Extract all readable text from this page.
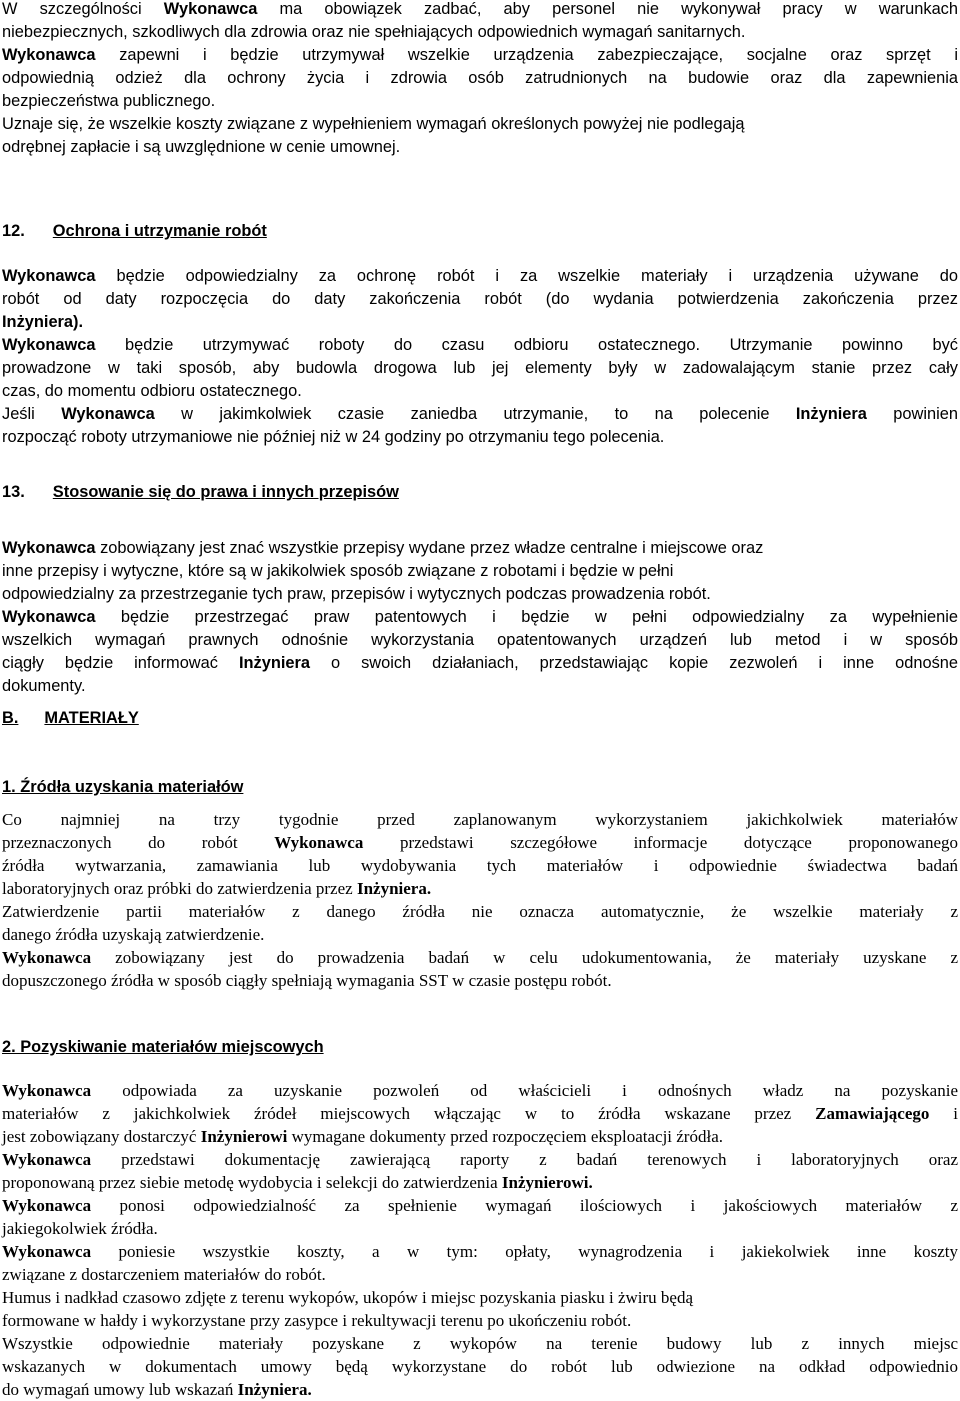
W szczególności Wykonawca ma obowiązek zadbać, aby personel nie wykonywał pracy w warunkach
niebezpiecznych, szkodliwych dla zdrowia oraz nie spełniających odpowiednich wymagań sanitarnych.
Wykonawca zapewni i będzie utrzymywał wszelkie urządzenia zabezpieczające, socjalne oraz sprzęt i
odpowiednią odzież dla ochrony życia i zdrowia osób zatrudnionych na budowie oraz dla zapewnienia
bezpieczeństwa publicznego.
Uznaje się, że wszelkie koszty związane z wypełnieniem wymagań określonych powyżej nie podlegają
odrębnej zapłacie i są uwzględnione w cenie umownej.
12. Ochrona i utrzymanie robót
Wykonawca będzie odpowiedzialny za ochronę robót i za wszelkie materiały i urządzenia używane do
robót od daty rozpoczęcia do daty zakończenia robót (do wydania potwierdzenia zakończenia przez
Inżyniera).
Wykonawca będzie utrzymywać roboty do czasu odbioru ostatecznego. Utrzymanie powinno być
prowadzone w taki sposób, aby budowla drogowa lub jej elementy były w zadowalającym stanie przez cały
czas, do momentu odbioru ostatecznego.
Jeśli Wykonawca w jakimkolwiek czasie zaniedba utrzymanie, to na polecenie Inżyniera powinien
rozpocząć roboty utrzymaniowe nie później niż w 24 godziny po otrzymaniu tego polecenia.
13. Stosowanie się do prawa i innych przepisów
Wykonawca zobowiązany jest znać wszystkie przepisy wydane przez władze centralne i miejscowe oraz
inne przepisy i wytyczne, które są w jakikolwiek sposób związane z robotami i będzie w pełni
odpowiedzialny za przestrzeganie tych praw, przepisów i wytycznych podczas prowadzenia robót.
Wykonawca będzie przestrzegać praw patentowych i będzie w pełni odpowiedzialny za wypełnienie
wszelkich wymagań prawnych odnośnie wykorzystania opatentowanych urządzeń lub metod i w sposób
ciągły będzie informować Inżyniera o swoich działaniach, przedstawiając kopie zezwoleń i inne odnośne
dokumenty.
B. MATERIAŁY
1. Źródła uzyskania materiałów
Co najmniej na trzy tygodnie przed zaplanowanym wykorzystaniem jakichkolwiek materiałów
przeznaczonych do robót Wykonawca przedstawi szczegółowe informacje dotyczące proponowanego
źródła wytwarzania, zamawiania lub wydobywania tych materiałów i odpowiednie świadectwa badań
laboratoryjnych oraz próbki do zatwierdzenia przez Inżyniera.
Zatwierdzenie partii materiałów z danego źródła nie oznacza automatycznie, że wszelkie materiały z
danego źródła uzyskają zatwierdzenie.
Wykonawca zobowiązany jest do prowadzenia badań w celu udokumentowania, że materiały uzyskane z
dopuszczonego źródła w sposób ciągły spełniają wymagania SST w czasie postępu robót.
2. Pozyskiwanie materiałów miejscowych
Wykonawca odpowiada za uzyskanie pozwoleń od właścicieli i odnośnych władz na pozyskanie
materiałów z jakichkolwiek źródeł miejscowych włączając w to źródła wskazane przez Zamawiającego i
jest zobowiązany dostarczyć Inżynierowi wymagane dokumenty przed rozpoczęciem eksploatacji źródła.
Wykonawca przedstawi dokumentację zawierającą raporty z badań terenowych i laboratoryjnych oraz
proponowaną przez siebie metodę wydobycia i selekcji do zatwierdzenia Inżynierowi.
Wykonawca ponosi odpowiedzialność za spełnienie wymagań ilościowych i jakościowych materiałów z
jakiegokolwiek źródła.
Wykonawca poniesie wszystkie koszty, a w tym: opłaty, wynagrodzenia i jakiekolwiek inne koszty
związane z dostarczeniem materiałów do robót.
Humus i nadkład czasowo zdjęte z terenu wykopów, ukopów i miejsc pozyskania piasku i żwiru będą
formowane w hałdy i wykorzystane przy zasypce i rekultywacji terenu po ukończeniu robót.
Wszystkie odpowiednie materiały pozyskane z wykopów na terenie budowy lub z innych miejsc
wskazanych w dokumentach umowy będą wykorzystane do robót lub odwiezione na odkład odpowiednio
do wymagań umowy lub wskazań Inżyniera.
